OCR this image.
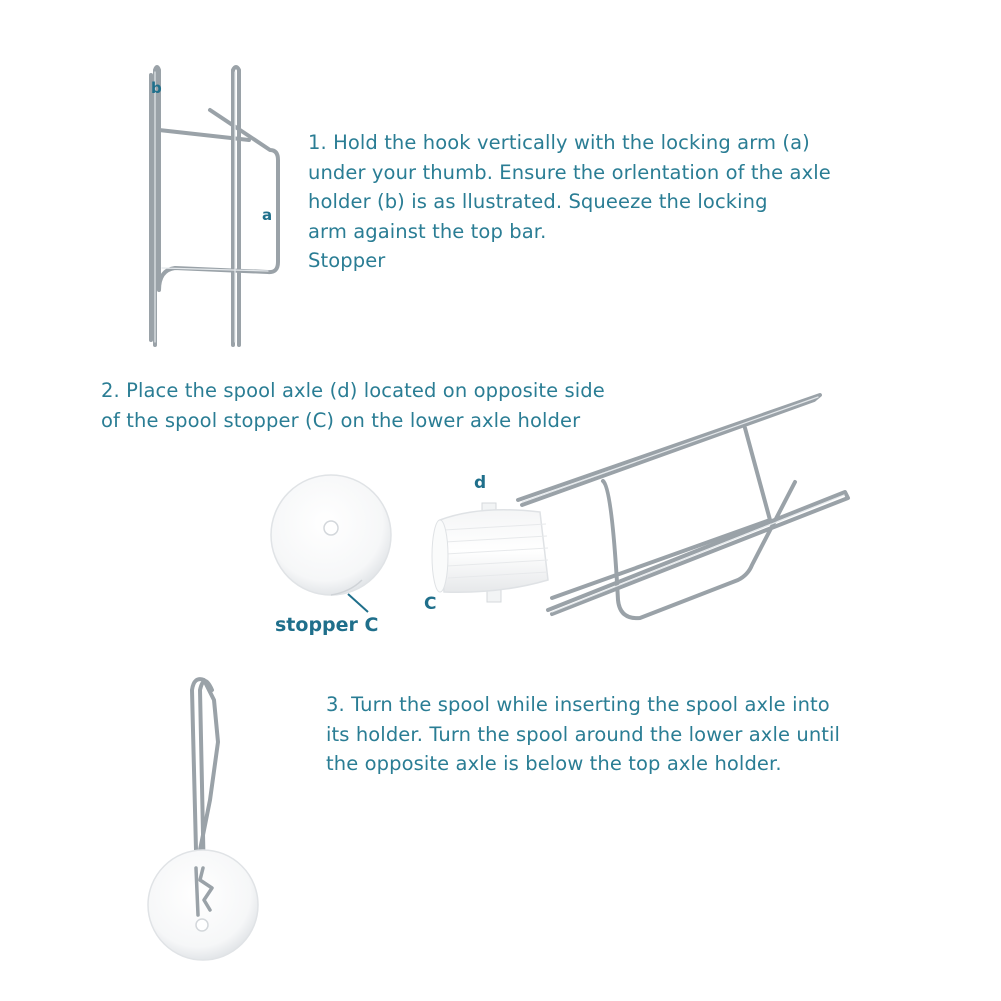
b
a
d
C
stopper C
1. Hold the hook vertically with the locking arm (a)
under your thumb. Ensure the orlentation of the axle
holder (b) is as llustrated. Squeeze the locking
arm against the top bar.
Stopper
2. Place the spool axle (d) located on opposite side
of the spool stopper (C) on the lower axle holder
3. Turn the spool while inserting the spool axle into
its holder. Turn the spool around the lower axle until
the opposite axle is below the top axle holder.
